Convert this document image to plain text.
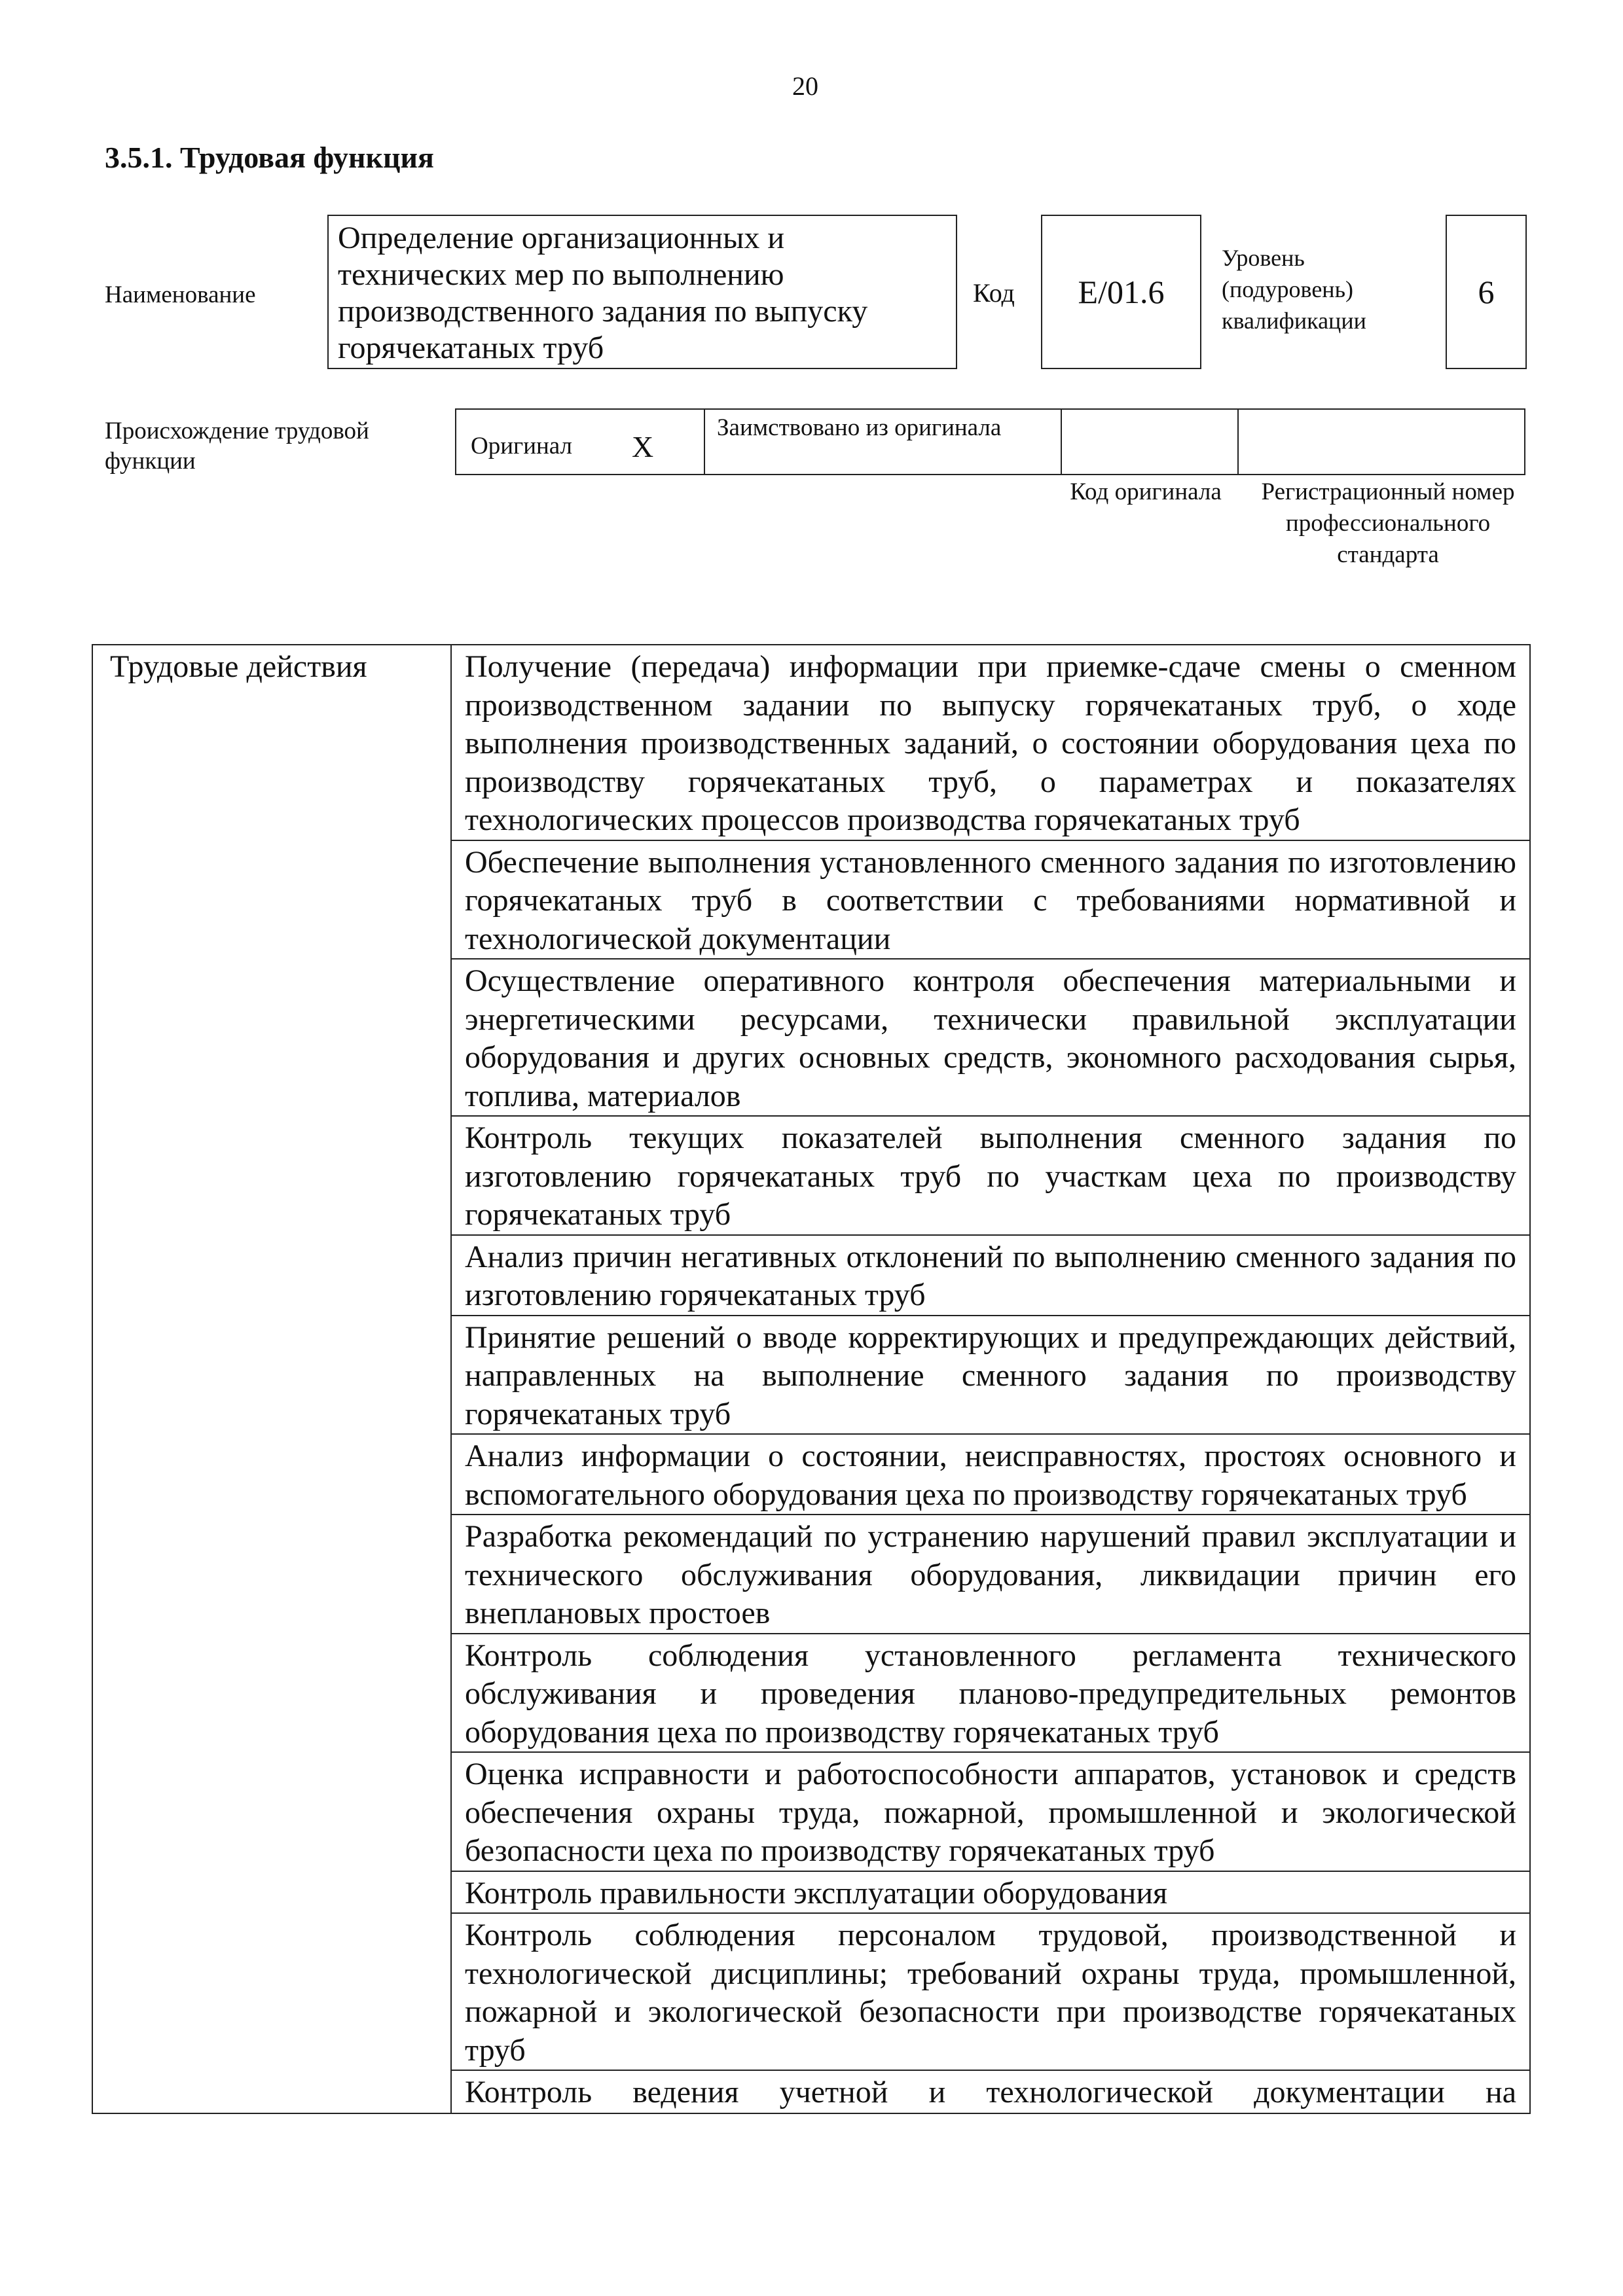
20
3.5.1. Трудовая функция
Наименование
Определение организационных и технических мер по выполнению производственного задания по выпуску горячекатаных труб
Код E/01.6
Уровень (подуровень) квалификации
6
Происхождение трудовой функции
Оригинал X
Заимствовано из оригинала
Код оригинала	Регистрационный номер профессионального стандарта
Трудовые действия	Получение (передача) информации при приемке-сдаче смены о сменном производственном задании по выпуску горячекатаных труб, о ходе выполнения производственных заданий, о состоянии оборудования цеха по производству горячекатаных труб, о параметрах и показателях технологических процессов производства горячекатаных труб
Обеспечение выполнения установленного сменного задания по изготовлению горячекатаных труб в соответствии с требованиями нормативной и технологической документации
Осуществление оперативного контроля обеспечения материальными и энергетическими ресурсами, технически правильной эксплуатации оборудования и других основных средств, экономного расходования сырья, топлива, материалов
Контроль текущих показателей выполнения сменного задания по изготовлению горячекатаных труб по участкам цеха по производству горячекатаных труб
Анализ причин негативных отклонений по выполнению сменного задания по изготовлению горячекатаных труб
Принятие решений о вводе корректирующих и предупреждающих действий, направленных на выполнение сменного задания по производству горячекатаных труб
Анализ информации о состоянии, неисправностях, простоях основного и вспомогательного оборудования цеха по производству горячекатаных труб
Разработка рекомендаций по устранению нарушений правил эксплуатации и технического обслуживания оборудования, ликвидации причин его внеплановых простоев
Контроль соблюдения установленного регламента технического обслуживания и проведения планово-предупредительных ремонтов оборудования цеха по производству горячекатаных труб
Оценка исправности и работоспособности аппаратов, установок и средств обеспечения охраны труда, пожарной, промышленной и экологической безопасности цеха по производству горячекатаных труб
Контроль правильности эксплуатации оборудования
Контроль соблюдения персоналом трудовой, производственной и технологической дисциплины; требований охраны труда, промышленной, пожарной и экологической безопасности при производстве горячекатаных труб
Контроль ведения учетной и технологической документации на
